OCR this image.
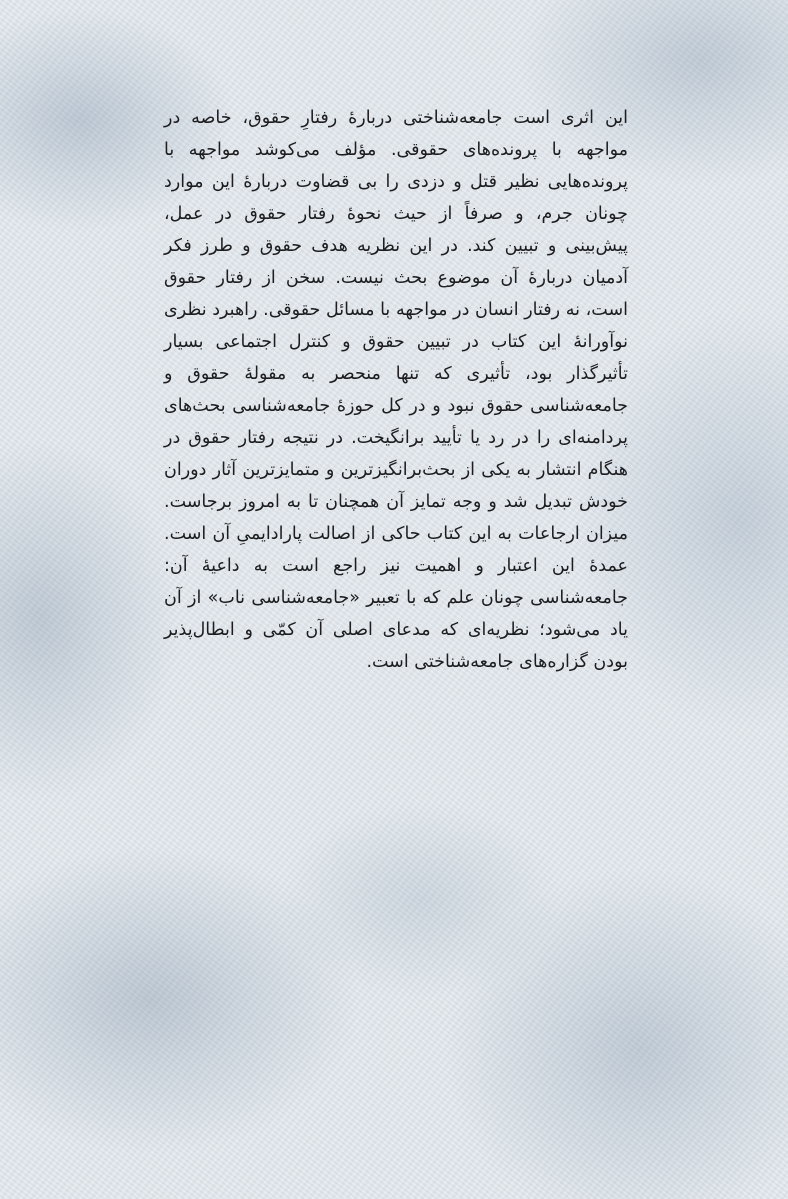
این اثری است جامعه‌شناختی دربارهٔ رفتارِ حقوق، خاصه در مواجهه با پرونده‌های حقوقی. مؤلف می‌کوشد مواجهه با پرونده‌هایی نظیر قتل و دزدی را بی قضاوت دربارهٔ این موارد چونان جرم، و صرفاً از حیث نحوهٔ رفتار حقوق در عمل، پیش‌بینی و تبیین کند. در این نظریه هدف حقوق و طرز فکر آدمیان دربارهٔ آن موضوع بحث نیست. سخن از رفتار حقوق است، نه رفتار انسان در مواجهه با مسائل حقوقی. راهبرد نظری نوآورانهٔ این کتاب در تبیین حقوق و کنترل اجتماعی بسیار تأثیرگذار بود، تأثیری که تنها منحصر به مقولهٔ حقوق و جامعه‌شناسی حقوق نبود و در کل حوزهٔ جامعه‌شناسی بحث‌های پردامنه‌ای را در رد یا تأیید برانگیخت. در نتیجه رفتار حقوق در هنگام انتشار به یکی از بحث‌برانگیزترین و متمایزترین آثار دوران خودش تبدیل شد و وجه تمایز آن همچنان تا به امروز برجاست. میزان ارجاعات به این کتاب حاکی از اصالت پارادایمیِ آن است. عمدهٔ این اعتبار و اهمیت نیز راجع است به داعیهٔ آن: جامعه‌شناسی چونان علم که با تعبیر «جامعه‌شناسی ناب» از آن یاد می‌شود؛ نظریه‌ای که مدعای اصلی آن کمّی و ابطال‌پذیر بودن گزاره‌های جامعه‌شناختی است.
